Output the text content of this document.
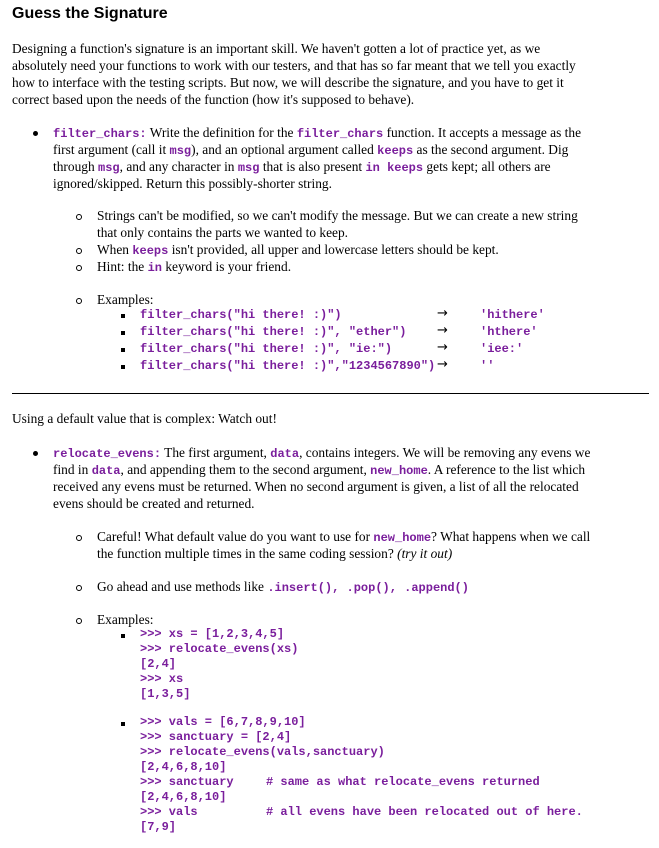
Guess the Signature
Designing a function's signature is an important skill. We haven't gotten a lot of practice yet, as we
absolutely need your functions to work with our testers, and that has so far meant that we tell you exactly
how to interface with the testing scripts. But now, we will describe the signature, and you have to get it
correct based upon the needs of the function (how it's supposed to behave).
filter_chars: Write the definition for the filter_chars function. It accepts a message as the
first argument (call it msg), and an optional argument called keeps as the second argument. Dig
through msg, and any character in msg that is also present in keeps gets kept; all others are
ignored/skipped. Return this possibly-shorter string.
Strings can't be modified, so we can't modify the message. But we can create a new string
that only contains the parts we wanted to keep.
When keeps isn't provided, all upper and lowercase letters should be kept.
Hint: the in keyword is your friend.
Examples:
filter_chars("hi there! :)")	→	'hithere'
filter_chars("hi there! :)", "ether") →	'hthere'
filter_chars("hi there! :)", "ie:")	→	'iee:'
filter_chars("hi there! :)","1234567890") →	''
Using a default value that is complex: Watch out!
relocate_evens: The first argument, data, contains integers. We will be removing any evens we
find in data, and appending them to the second argument, new_home. A reference to the list which
received any evens must be returned. When no second argument is given, a list of all the relocated
evens should be created and returned.
Careful! What default value do you want to use for new_home? What happens when we call
the function multiple times in the same coding session? (try it out)
Go ahead and use methods like .insert(), .pop(), .append()
Examples:
>>> xs = [1,2,3,4,5]
>>> relocate_evens(xs)
[2,4]
>>> xs
[1,3,5]
>>> vals = [6,7,8,9,10]
>>> sanctuary = [2,4]
>>> relocate_evens(vals,sanctuary)
[2,4,6,8,10]
>>> sanctuary	# same as what relocate_evens returned
[2,4,6,8,10]
>>> vals	# all evens have been relocated out of here.
[7,9]
